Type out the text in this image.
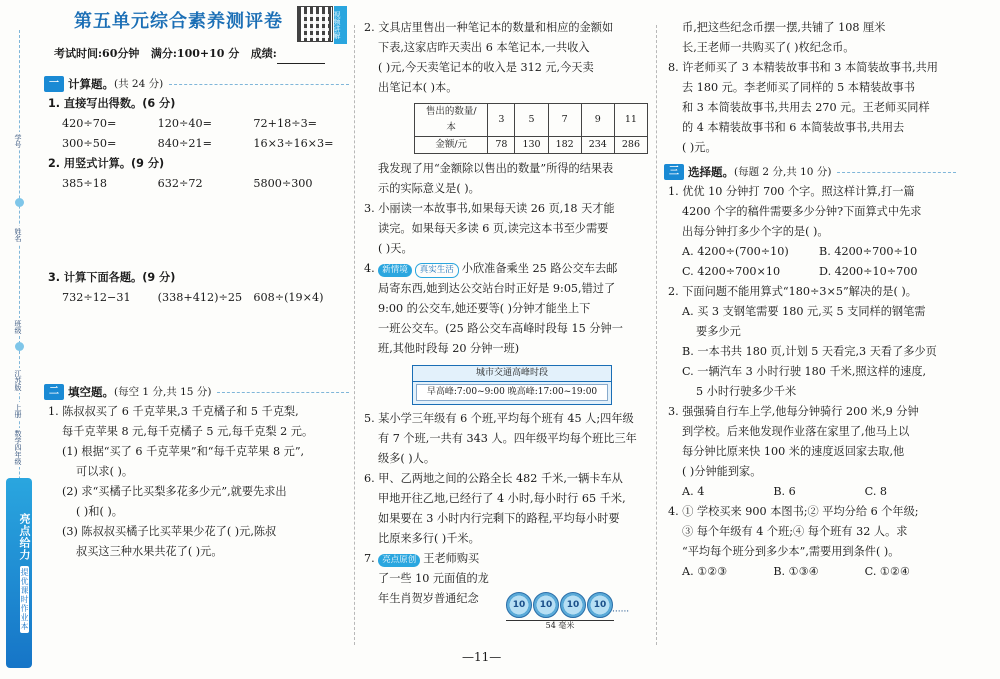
学号
姓名
班级
江苏版
上册
数学四年级
亮点给力 提优课时作业本
第五单元综合素养测评卷	视频讲解
考试时间:60分钟 满分:100+10 分 成绩:
一 计算题。 (共 24 分)
1. 直接写出得数。(6 分)
420÷70=	120÷40=	72+18÷3=
300÷50=	840÷21=	16×3÷16×3=
2. 用竖式计算。(9 分)
385÷18	632÷72	5800÷300
3. 计算下面各题。(9 分)
732÷12−31	(338+412)÷25	608÷(19×4)
二 填空题。 (每空 1 分,共 15 分)
1. 陈叔叔买了 6 千克苹果,3 千克橘子和 5 千克梨,
每千克苹果 8 元,每千克橘子 5 元,每千克梨 2 元。
(1) 根据“买了 6 千克苹果”和“每千克苹果 8 元”,
可以求( )。
(2) 求“买橘子比买梨多花多少元”,就要先求出
( )和( )。
(3) 陈叔叔买橘子比买苹果少花了( )元,陈叔
叔买这三种水果共花了( )元。
2. 文具店里售出一种笔记本的数量和相应的金额如
下表,这家店昨天卖出 6 本笔记本,一共收入
( )元,今天卖笔记本的收入是 312 元,今天卖
出笔记本( )本。
售出的数量/本	3	5	7	9	11
金额/元	78	130	182	234	286
我发现了用“金额除以售出的数量”所得的结果表
示的实际意义是( )。
3. 小丽读一本故事书,如果每天读 26 页,18 天才能
读完。如果每天多读 6 页,读完这本书至少需要
( )天。
4. 新情境 真实生活 小欣准备乘坐 25 路公交车去邮
局寄东西,她到达公交站台时正好是 9:05,错过了
9:00 的公交车,她还要等( )分钟才能坐上下
一班公交车。(25 路公交车高峰时段每 15 分钟一
班,其他时段每 20 分钟一班)
城市交通高峰时段
早高峰:7:00~9:00 晚高峰:17:00~19:00
5. 某小学三年级有 6 个班,平均每个班有 45 人;四年级
有 7 个班,一共有 343 人。四年级平均每个班比三年
级多( )人。
6. 甲、乙两地之间的公路全长 482 千米,一辆卡车从
甲地开往乙地,已经行了 4 小时,每小时行 65 千米,
如果要在 3 小时内行完剩下的路程,平均每小时要
比原来多行( )千米。
7. 亮点原创 王老师购买
了一些 10 元面值的龙
年生肖贺岁普通纪念	10	10	10	10
······
54 毫米
币,把这些纪念币摆一摆,共铺了 108 厘米
长,王老师一共购买了( )枚纪念币。
8. 许老师买了 3 本精装故事书和 3 本简装故事书,共用
去 180 元。李老师买了同样的 5 本精装故事书
和 3 本简装故事书,共用去 270 元。王老师买同样
的 4 本精装故事书和 6 本简装故事书,共用去
( )元。
三 选择题。 (每题 2 分,共 10 分)
1. 优优 10 分钟打 700 个字。照这样计算,打一篇
4200 个字的稿件需要多少分钟?下面算式中先求
出每分钟打多少个字的是( )。
A. 4200÷(700÷10)	B. 4200÷700÷10
C. 4200÷700×10	D. 4200÷10÷700
2. 下面问题不能用算式“180÷3×5”解决的是( )。
A. 买 3 支钢笔需要 180 元,买 5 支同样的钢笔需
要多少元
B. 一本书共 180 页,计划 5 天看完,3 天看了多少页
C. 一辆汽车 3 小时行驶 180 千米,照这样的速度,
5 小时行驶多少千米
3. 强强骑自行车上学,他每分钟骑行 200 米,9 分钟
到学校。后来他发现作业落在家里了,他马上以
每分钟比原来快 100 米的速度返回家去取,他
( )分钟能到家。
A. 4	B. 6	C. 8
4. ① 学校买来 900 本图书;② 平均分给 6 个年级;
③ 每个年级有 4 个班;④ 每个班有 32 人。求
“平均每个班分到多少本”,需要用到条件( )。
A. ①②③	B. ①③④	C. ①②④
—11—
